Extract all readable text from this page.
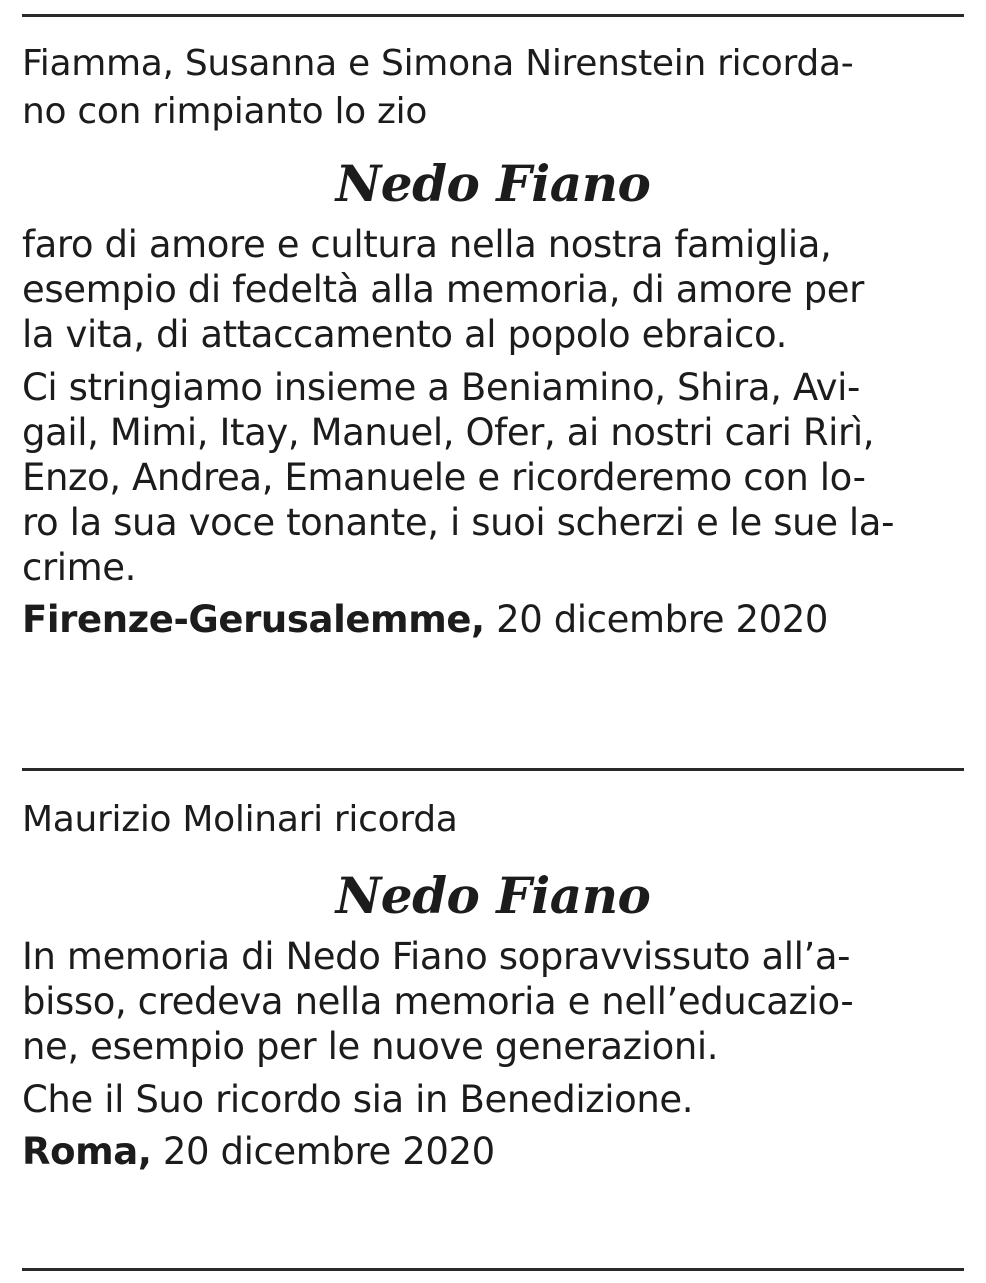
Fiamma, Susanna e Simona Nirenstein ricorda-
no con rimpianto lo zio

Nedo Fiano

faro di amore e cultura nella nostra famiglia,
esempio di fedeltà alla memoria, di amore per
la vita, di attaccamento al popolo ebraico.

Ci stringiamo insieme a Beniamino, Shira, Avi-
gail, Mimi, Itay, Manuel, Ofer, ai nostri cari Rirì,
Enzo, Andrea, Emanuele e ricorderemo con lo-
ro la sua voce tonante, i suoi scherzi e le sue la-
crime.

Firenze-Gerusalemme, 20 dicembre 2020

Maurizio Molinari ricorda

Nedo Fiano

In memoria di Nedo Fiano sopravvissuto all’a-
bisso, credeva nella memoria e nell’educazio-
ne, esempio per le nuove generazioni.

Che il Suo ricordo sia in Benedizione.

Roma, 20 dicembre 2020
